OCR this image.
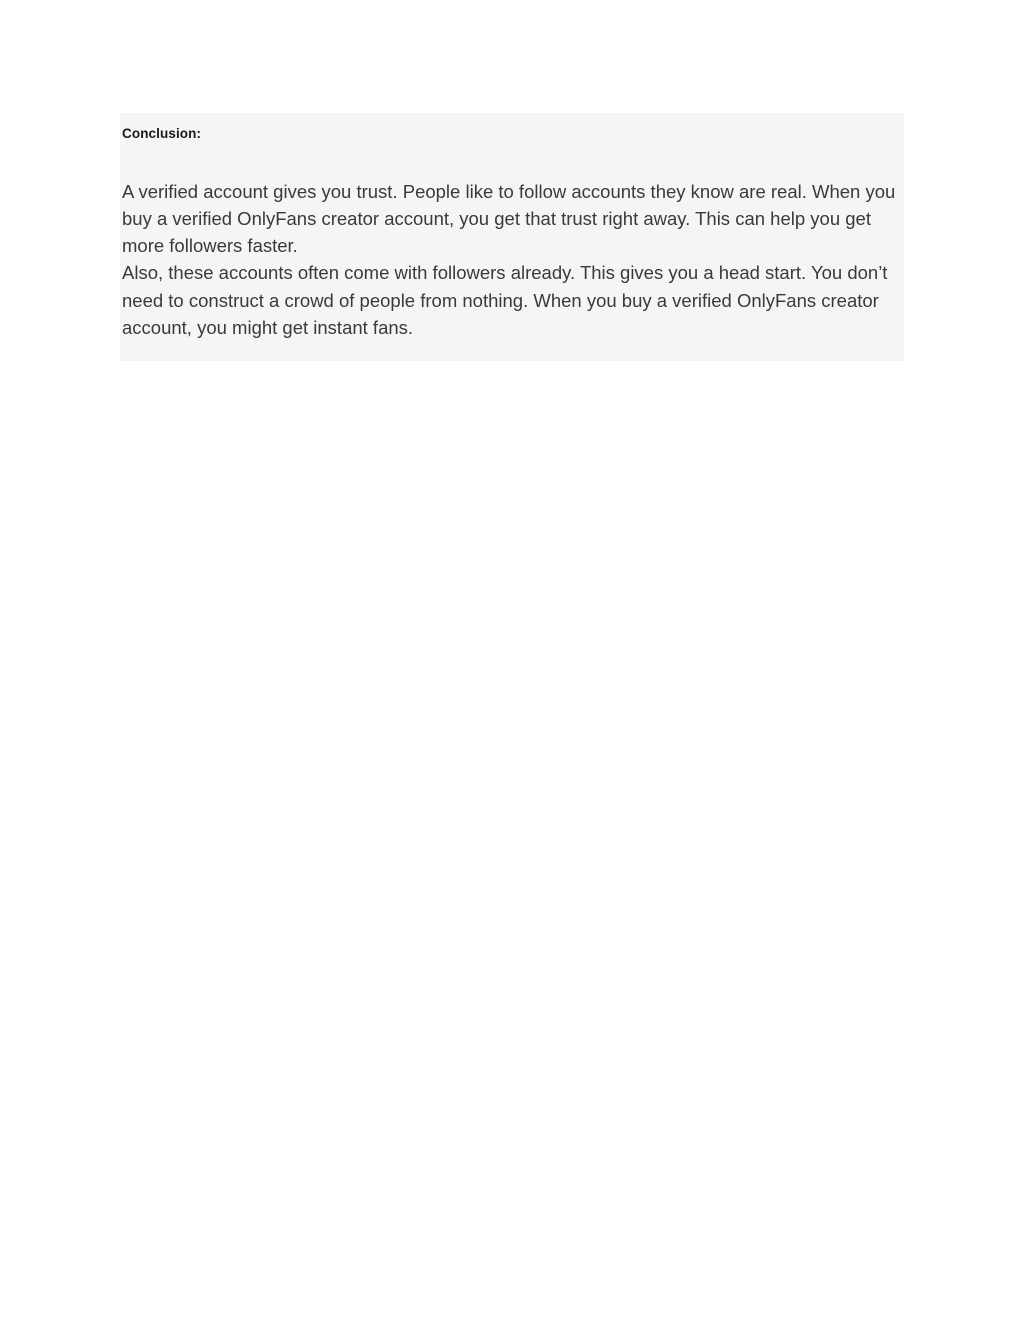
Conclusion:

A verified account gives you trust. People like to follow accounts they know are real. When you buy a verified OnlyFans creator account, you get that trust right away. This can help you get more followers faster.

Also, these accounts often come with followers already. This gives you a head start. You don’t need to construct a crowd of people from nothing. When you buy a verified OnlyFans creator account, you might get instant fans.
